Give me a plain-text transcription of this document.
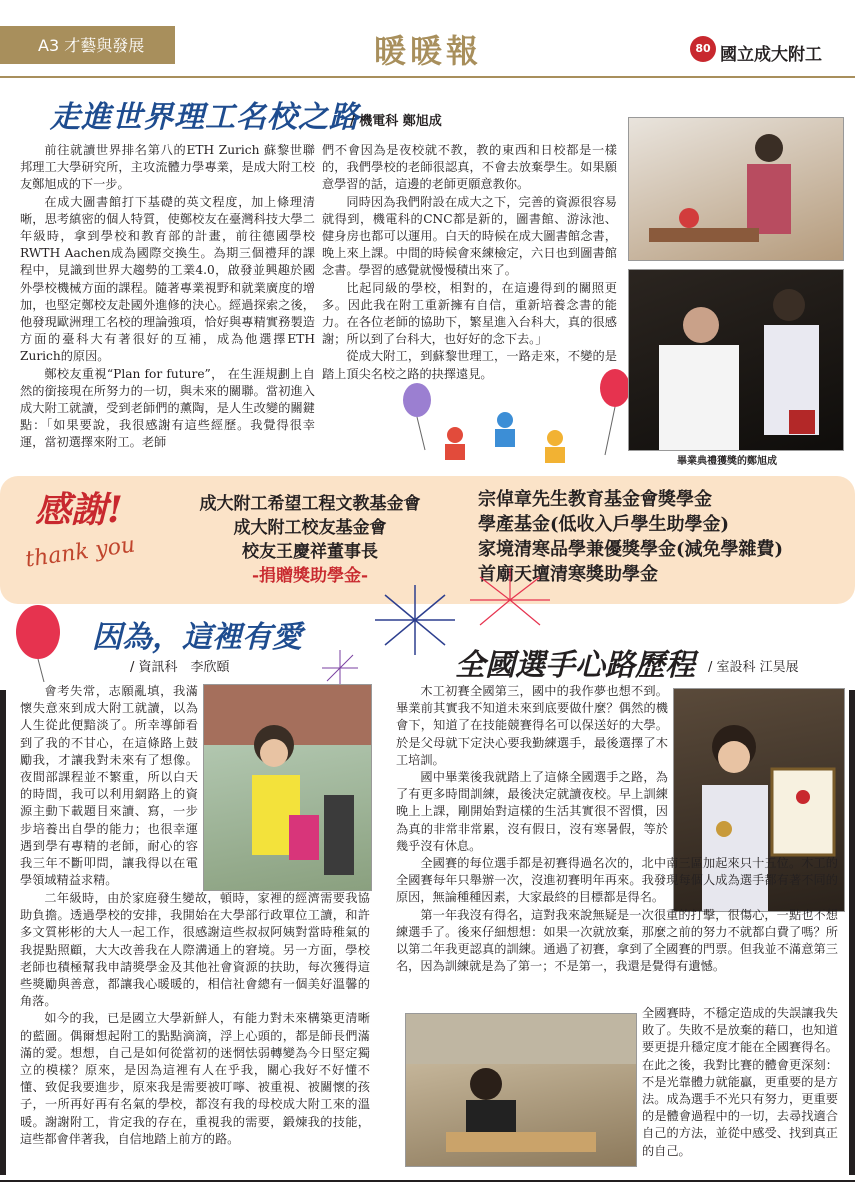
A3 才藝與發展	暖暖報	80 國立成大附工
走進世界理工名校之路
/ 機電科 鄭旭成

前往就讀世界排名第八的ETH Zurich 蘇黎世聯邦理工大學研究所，主攻流體力學專業，是成大附工校友鄭旭成的下一步。

在成大圖書館打下基礎的英文程度，加上條理清晰，思考縝密的個人特質，使鄭校友在臺灣科技大學二年級時，拿到學校和教育部的計畫，前往德國學校RWTH Aachen成為國際交換生。為期三個禮拜的課程中，見識到世界大趨勢的工業4.0，啟發並興趣於國外學校機械方面的課程。隨著專業視野和就業廣度的增加，也堅定鄭校友赴國外進修的決心。經過探索之後，他發現歐洲理工名校的理論強項，恰好與專精實務製造方面的臺科大有著很好的互補，成為他選擇ETH Zurich的原因。

鄭校友重視“Plan for future”， 在生涯規劃上自然的銜接現在所努力的一切，與未來的關聯。當初進入成大附工就讀，受到老師們的薰陶，是人生改變的關鍵點：「如果要說，我很感謝有這些經歷。我覺得很幸運，當初選擇來附工。老師

們不會因為是夜校就不教，教的東西和日校都是一樣的，我們學校的老師很認真，不會去放棄學生。如果願意學習的話，這邊的老師更願意教你。

同時因為我們附設在成大之下，完善的資源很容易就得到，機電科的CNC都是新的，圖書館、游泳池、健身房也都可以運用。白天的時候在成大圖書館念書，晚上來上課。中間的時候會來練檢定，六日也到圖書館念書。學習的感覺就慢慢積出來了。

比起同級的學校，相對的，在這邊得到的關照更多。因此我在附工重新擁有自信，重新培養念書的能力。在各位老師的協助下，繁星進入台科大，真的很感謝；所以到了台科大，也好好的念下去。」

從成大附工，到蘇黎世理工，一路走來，不變的是踏上頂尖名校之路的抉擇遠見。

畢業典禮獲獎的鄭旭成
感謝!
thank you
成大附工希望工程文教基金會
成大附工校友基金會
校友王慶祥董事長
-捐贈獎助學金-
宗倬章先生教育基金會獎學金
學產基金(低收入戶學生助學金)
家境清寒品學兼優獎學金(減免學雜費)
首廟天壇清寒獎助學金
因為，這裡有愛
/ 資訊科　李欣頤

會考失常，志願亂填，我滿懷失意來到成大附工就讀，以為人生從此便黯淡了。所幸導師看到了我的不甘心，在這條路上鼓勵我，才讓我對未來有了想像。夜間部課程並不繁重，所以白天的時間，我可以利用網路上的資源主動下載題目來讀、寫，一步步培養出自學的能力；也很幸運遇到學有專精的老師，耐心的容我三年不斷叩問，讓我得以在電學領域精益求精。

二年級時，由於家庭發生變故，頓時，家裡的經濟需要我協助負擔。透過學校的安排，我開始在大學部行政單位工讀，和許多文質彬彬的大人一起工作，很感謝這些叔叔阿姨對當時稚氣的我提點照顧，大大改善我在人際溝通上的窘境。另一方面，學校老師也積極幫我申請獎學金及其他社會資源的扶助，每次獲得這些獎勵與善意，都讓我心暖暖的，相信社會總有一個美好溫馨的角落。

如今的我，已是國立大學新鮮人，有能力對未來構築更清晰的藍圖。偶爾想起附工的點點滴滴，浮上心頭的，都是師長們滿滿的愛。想想，自己是如何從當初的迷惘怯弱轉變為今日堅定獨立的模樣？原來，是因為這裡有人在乎我，關心我好不好懂不懂、致促我要進步，原來我是需要被叮嚀、被重視、被關懷的孩子，一所再好再有名氣的學校，都沒有我的母校成大附工來的溫暖。謝謝附工，肯定我的存在，重視我的需要，鍛煉我的技能，這些都會伴著我，自信地踏上前方的路。

全國選手心路歷程 / 室設科 江昊展

木工初賽全國第三，國中的我作夢也想不到。畢業前其實我不知道未來到底要做什麼？偶然的機會下，知道了在技能競賽得名可以保送好的大學。於是父母就下定決心要我勤練選手，最後選擇了木工培訓。

國中畢業後我就踏上了這條全國選手之路，為了有更多時間訓練，最後決定就讀夜校。早上訓練晚上上課，剛開始對這樣的生活其實很不習慣，因為真的非常非常累，沒有假日，沒有寒暑假，等於幾乎沒有休息。

全國賽的每位選手都是初賽得過名次的，北中南三區加起來只十五位。木工的全國賽每年只舉辦一次，沒進初賽明年再來。我發現每個人成為選手都有著不同的原因，無論種種因素，大家最終的目標都是得名。

第一年我沒有得名，這對我來說無疑是一次很重的打擊，很傷心，一點也不想練選手了。後來仔細想想：如果一次就放棄，那麼之前的努力不就都白費了嗎？所以第二年我更認真的訓練。通過了初賽，拿到了全國賽的門票。但我並不滿意第三名，因為訓練就是為了第一；不是第一，我還是覺得有遺憾。

全國賽時，不穩定造成的失誤讓我失敗了。失敗不是放棄的藉口，也知道要更提升穩定度才能在全國賽得名。在此之後，我對比賽的體會更深刻：不是光靠體力就能贏，更重要的是方法。成為選手不光只有努力，更重要的是體會過程中的一切，去尋找適合自己的方法，並從中感受、找到真正的自己。
